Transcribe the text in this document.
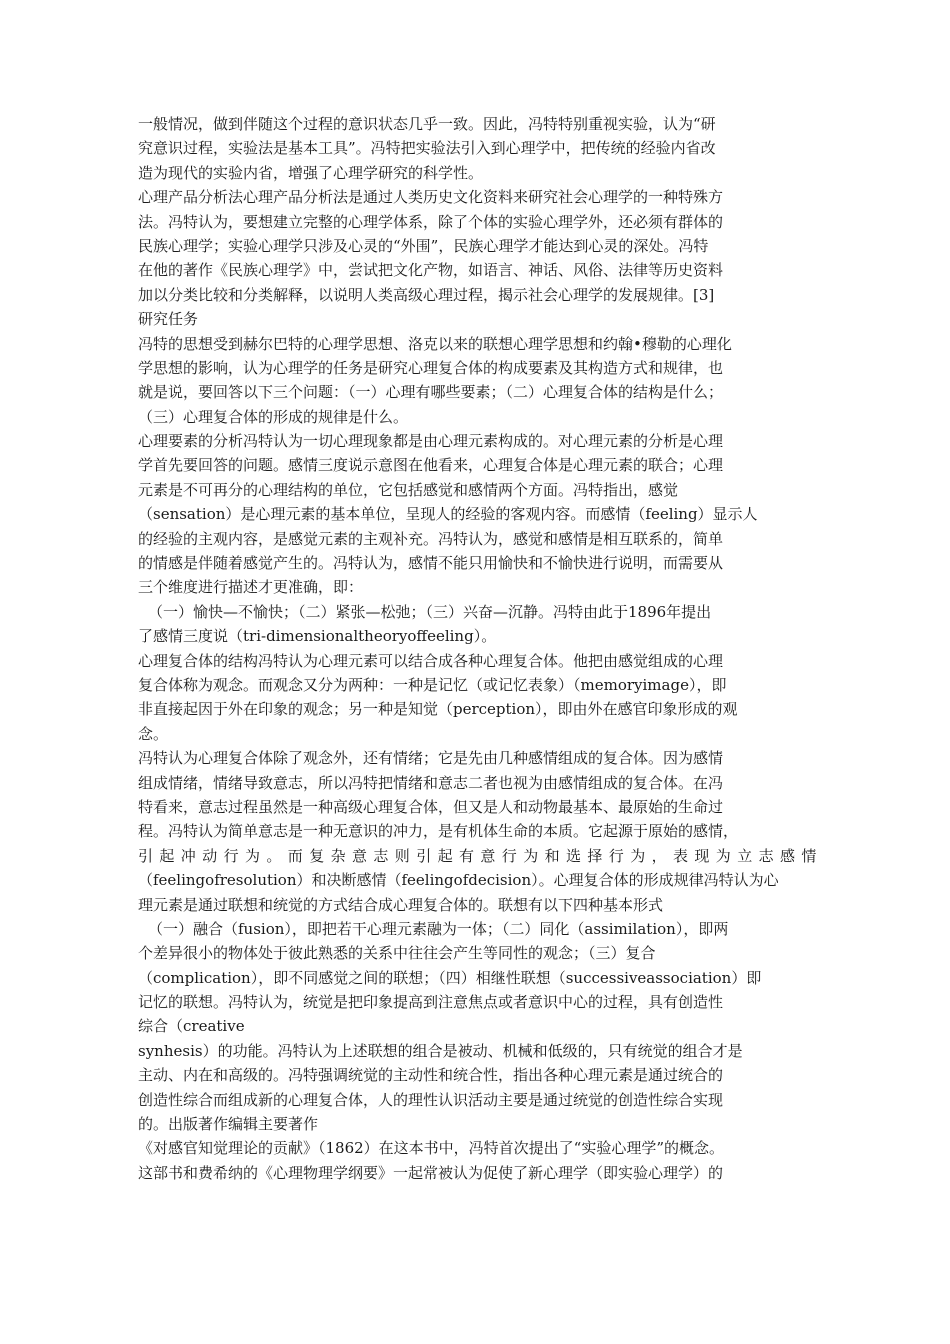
一般情况，做到伴随这个过程的意识状态几乎一致。因此，冯特特别重视实验，认为“研
究意识过程，实验法是基本工具”。冯特把实验法引入到心理学中，把传统的经验内省改
造为现代的实验内省，增强了心理学研究的科学性。
心理产品分析法心理产品分析法是通过人类历史文化资料来研究社会心理学的一种特殊方
法。冯特认为，要想建立完整的心理学体系，除了个体的实验心理学外，还必须有群体的
民族心理学；实验心理学只涉及心灵的“外围”，民族心理学才能达到心灵的深处。冯特
在他的著作《民族心理学》中，尝试把文化产物，如语言、神话、风俗、法律等历史资料
加以分类比较和分类解释，以说明人类高级心理过程，揭示社会心理学的发展规律。[3]
研究任务
冯特的思想受到赫尔巴特的心理学思想、洛克以来的联想心理学思想和约翰•穆勒的心理化
学思想的影响，认为心理学的任务是研究心理复合体的构成要素及其构造方式和规律，也
就是说，要回答以下三个问题：（一）心理有哪些要素；（二）心理复合体的结构是什么；
（三）心理复合体的形成的规律是什么。
心理要素的分析冯特认为一切心理现象都是由心理元素构成的。对心理元素的分析是心理
学首先要回答的问题。感情三度说示意图在他看来，心理复合体是心理元素的联合；心理
元素是不可再分的心理结构的单位，它包括感觉和感情两个方面。冯特指出，感觉
（sensation）是心理元素的基本单位，呈现人的经验的客观内容。而感情（feeling）显示人
的经验的主观内容，是感觉元素的主观补充。冯特认为，感觉和感情是相互联系的，简单
的情感是伴随着感觉产生的。冯特认为，感情不能只用愉快和不愉快进行说明，而需要从
三个维度进行描述才更准确，即：
（一）愉快—不愉快；（二）紧张—松弛；（三）兴奋—沉静。冯特由此于1896年提出
了感情三度说（tri-dimensionaltheoryoffeeling）。
心理复合体的结构冯特认为心理元素可以结合成各种心理复合体。他把由感觉组成的心理
复合体称为观念。而观念又分为两种：一种是记忆（或记忆表象）（memoryimage），即
非直接起因于外在印象的观念；另一种是知觉（perception），即由外在感官印象形成的观
念。
冯特认为心理复合体除了观念外，还有情绪；它是先由几种感情组成的复合体。因为感情
组成情绪，情绪导致意志，所以冯特把情绪和意志二者也视为由感情组成的复合体。在冯
特看来，意志过程虽然是一种高级心理复合体，但又是人和动物最基本、最原始的生命过
程。冯特认为简单意志是一种无意识的冲力，是有机体生命的本质。它起源于原始的感情，
引起冲动行为。而复杂意志则引起有意行为和选择行为，表现为立志感情
（feelingofresolution）和决断感情（feelingofdecision）。心理复合体的形成规律冯特认为心
理元素是通过联想和统觉的方式结合成心理复合体的。联想有以下四种基本形式
（一）融合（fusion），即把若干心理元素融为一体；（二）同化（assimilation），即两
个差异很小的物体处于彼此熟悉的关系中往往会产生等同性的观念；（三）复合
（complication），即不同感觉之间的联想；（四）相继性联想（successiveassociation）即
记忆的联想。冯特认为，统觉是把印象提高到注意焦点或者意识中心的过程，具有创造性
综合（creative
synhesis）的功能。冯特认为上述联想的组合是被动、机械和低级的，只有统觉的组合才是
主动、内在和高级的。冯特强调统觉的主动性和统合性，指出各种心理元素是通过统合的
创造性综合而组成新的心理复合体，人的理性认识活动主要是通过统觉的创造性综合实现
的。出版著作编辑主要著作
《对感官知觉理论的贡献》（1862）在这本书中，冯特首次提出了“实验心理学”的概念。
这部书和费希纳的《心理物理学纲要》一起常被认为促使了新心理学（即实验心理学）的
